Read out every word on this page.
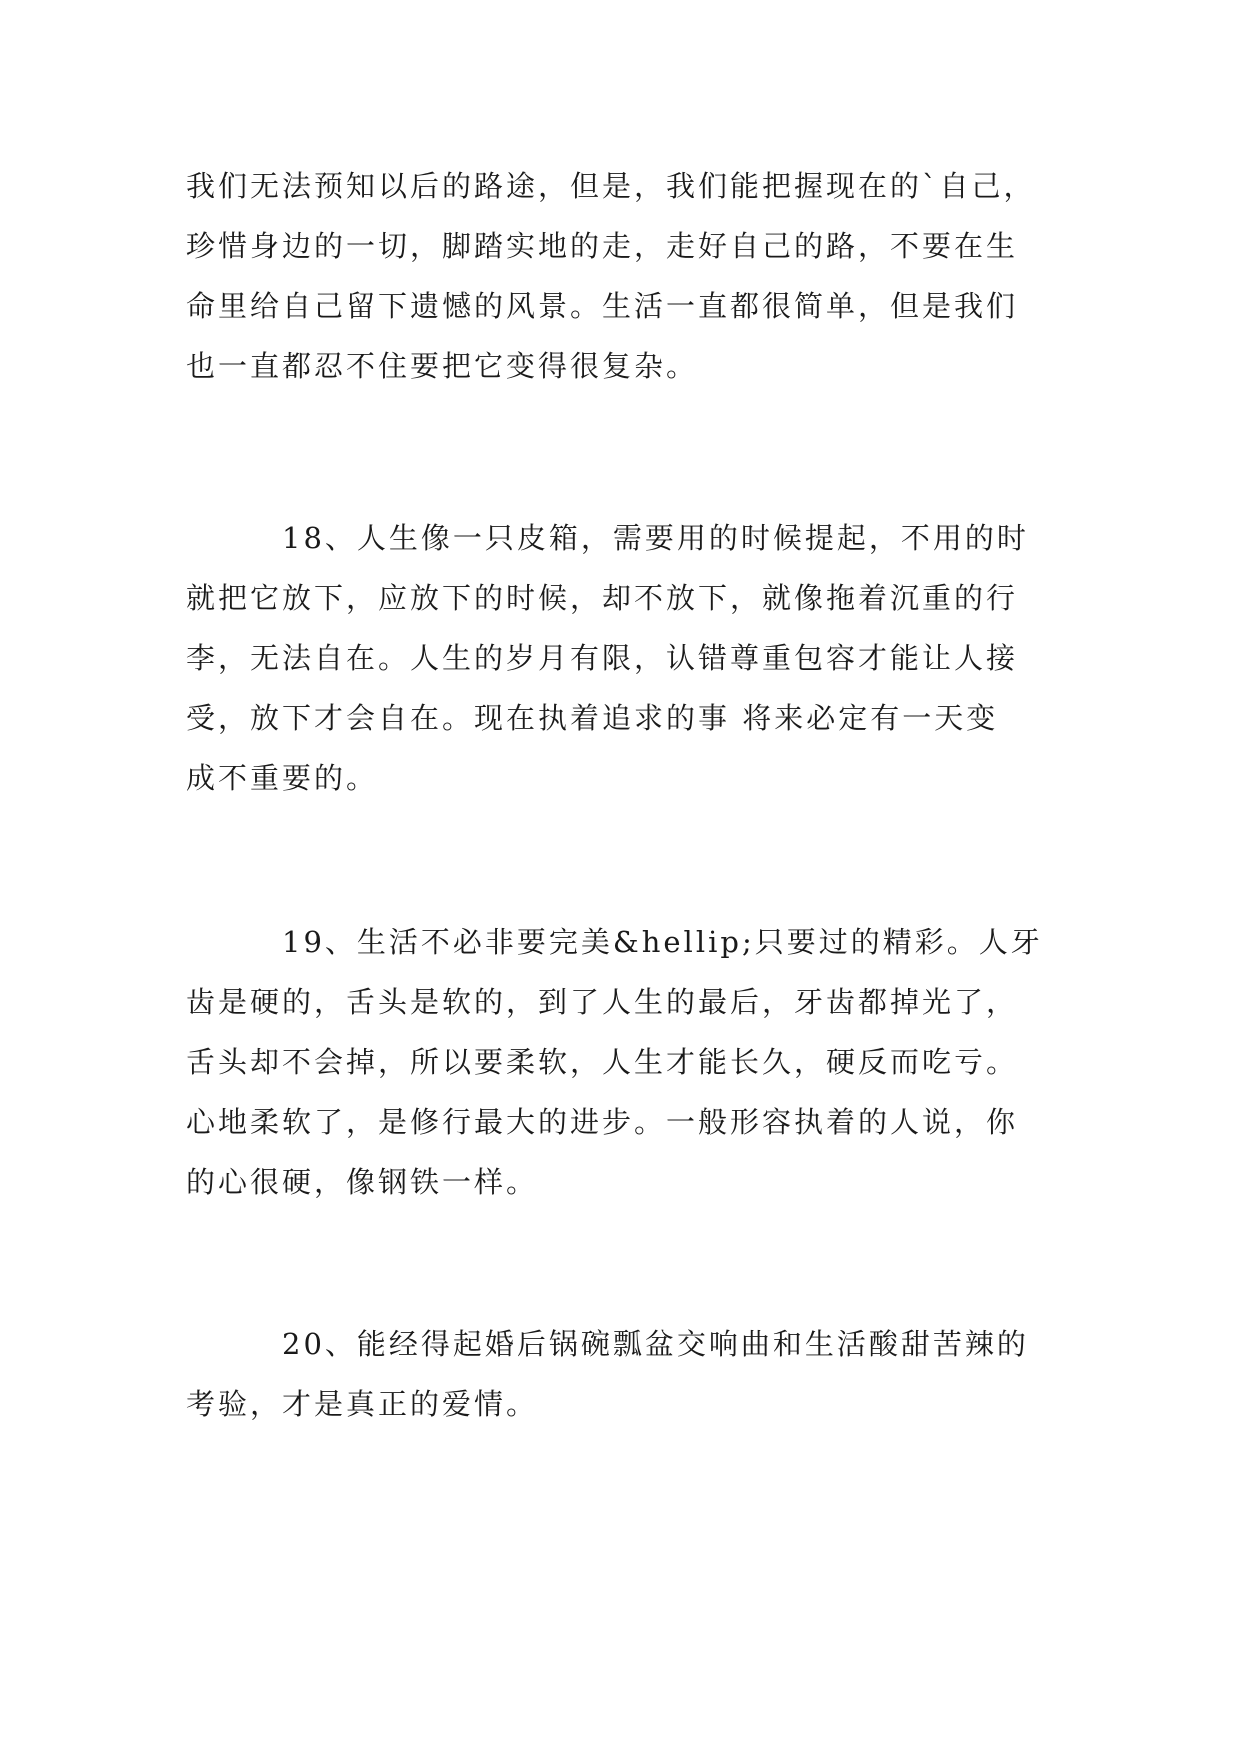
我们无法预知以后的路途，但是，我们能把握现在的`自己，
珍惜身边的一切，脚踏实地的走，走好自己的路，不要在生
命里给自己留下遗憾的风景。生活一直都很简单，但是我们
也一直都忍不住要把它变得很复杂。
　　　18、人生像一只皮箱，需要用的时候提起，不用的时
就把它放下，应放下的时候，却不放下，就像拖着沉重的行
李，无法自在。人生的岁月有限，认错尊重包容才能让人接
受，放下才会自在。现在执着追求的事 将来必定有一天变
成不重要的。
　　　19、生活不必非要完美&hellip;只要过的精彩。人牙
齿是硬的，舌头是软的，到了人生的最后，牙齿都掉光了，
舌头却不会掉，所以要柔软，人生才能长久，硬反而吃亏。
心地柔软了，是修行最大的进步。一般形容执着的人说，你
的心很硬，像钢铁一样。
　　　20、能经得起婚后锅碗瓢盆交响曲和生活酸甜苦辣的
考验，才是真正的爱情。
